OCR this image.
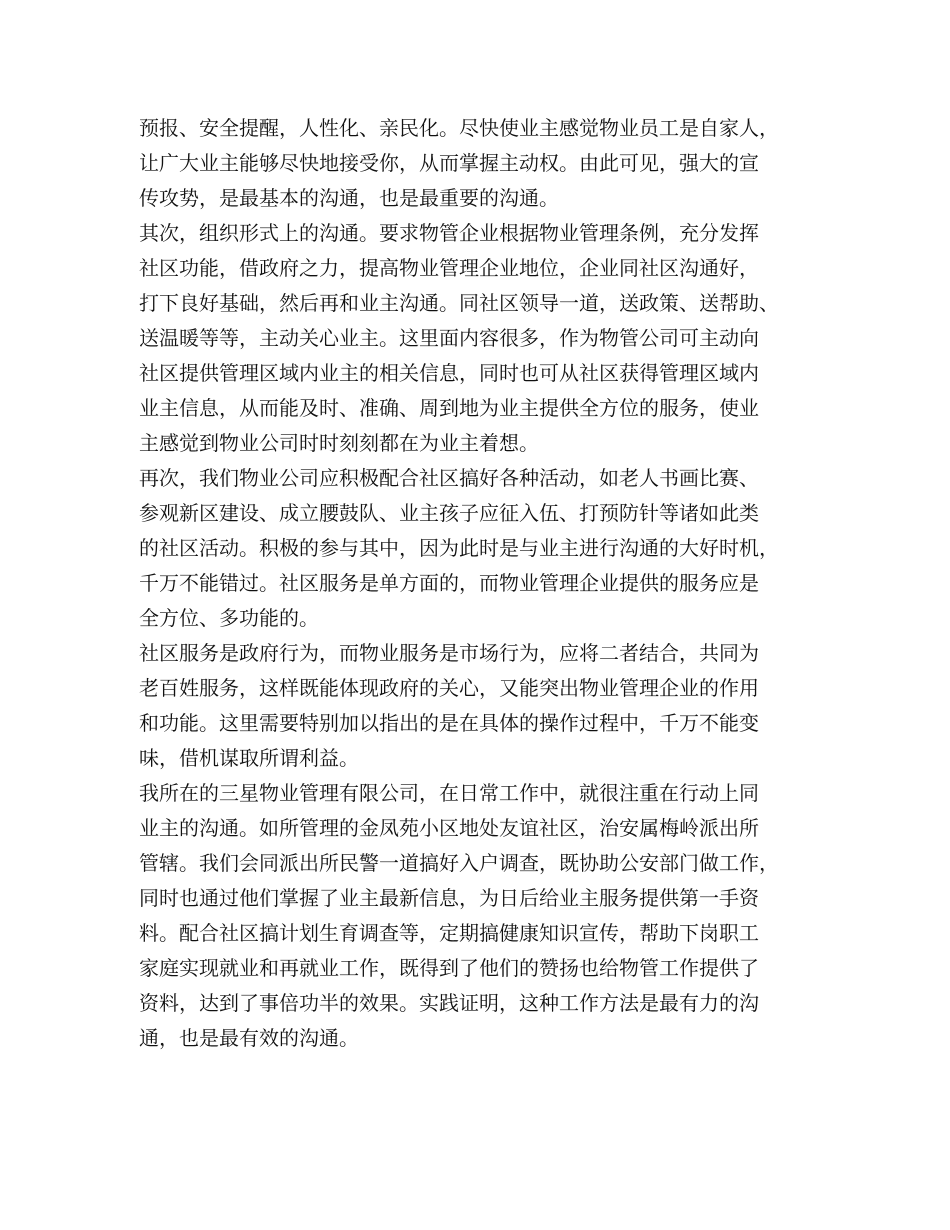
预报、安全提醒，人性化、亲民化。尽快使业主感觉物业员工是自家人，
让广大业主能够尽快地接受你，从而掌握主动权。由此可见，强大的宣
传攻势，是最基本的沟通，也是最重要的沟通。
其次，组织形式上的沟通。要求物管企业根据物业管理条例，充分发挥
社区功能，借政府之力，提高物业管理企业地位，企业同社区沟通好，
打下良好基础，然后再和业主沟通。同社区领导一道，送政策、送帮助、
送温暖等等，主动关心业主。这里面内容很多，作为物管公司可主动向
社区提供管理区域内业主的相关信息，同时也可从社区获得管理区域内
业主信息，从而能及时、准确、周到地为业主提供全方位的服务，使业
主感觉到物业公司时时刻刻都在为业主着想。
再次，我们物业公司应积极配合社区搞好各种活动，如老人书画比赛、
参观新区建设、成立腰鼓队、业主孩子应征入伍、打预防针等诸如此类
的社区活动。积极的参与其中，因为此时是与业主进行沟通的大好时机，
千万不能错过。社区服务是单方面的，而物业管理企业提供的服务应是
全方位、多功能的。
社区服务是政府行为，而物业服务是市场行为，应将二者结合，共同为
老百姓服务，这样既能体现政府的关心，又能突出物业管理企业的作用
和功能。这里需要特别加以指出的是在具体的操作过程中，千万不能变
味，借机谋取所谓利益。
我所在的三星物业管理有限公司，在日常工作中，就很注重在行动上同
业主的沟通。如所管理的金凤苑小区地处友谊社区，治安属梅岭派出所
管辖。我们会同派出所民警一道搞好入户调查，既协助公安部门做工作，
同时也通过他们掌握了业主最新信息，为日后给业主服务提供第一手资
料。配合社区搞计划生育调查等，定期搞健康知识宣传，帮助下岗职工
家庭实现就业和再就业工作，既得到了他们的赞扬也给物管工作提供了
资料，达到了事倍功半的效果。实践证明，这种工作方法是最有力的沟
通，也是最有效的沟通。
